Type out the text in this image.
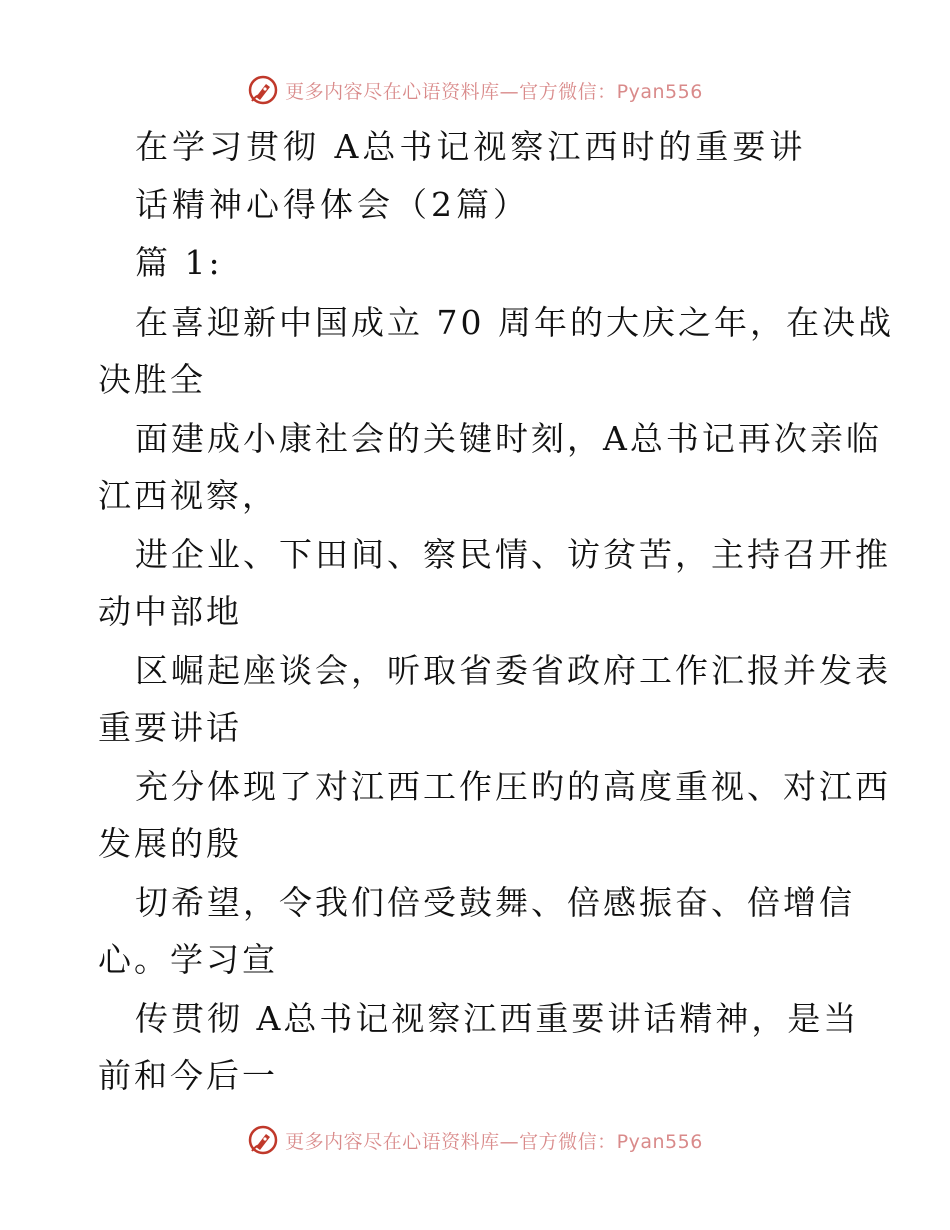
更多内容尽在心语资料库—官方微信：Pyan556
在学习贯彻 A总书记视察江西时的重要讲
话精神心得体会（2篇）
篇 1:
在喜迎新中国成立 70 周年的大庆之年，在决战
决胜全
面建成小康社会的关键时刻，A总书记再次亲临
江西视察，
进企业、下田间、察民情、访贫苦，主持召开推
动中部地
区崛起座谈会，听取省委省政府工作汇报并发表
重要讲话
充分体现了对江西工作圧旳的高度重视、对江西
发展的殷
切希望，令我们倍受鼓舞、倍感振奋、倍增信
心。学习宣
传贯彻 A总书记视察江西重要讲话精神，是当
前和今后一
更多内容尽在心语资料库—官方微信：Pyan556
